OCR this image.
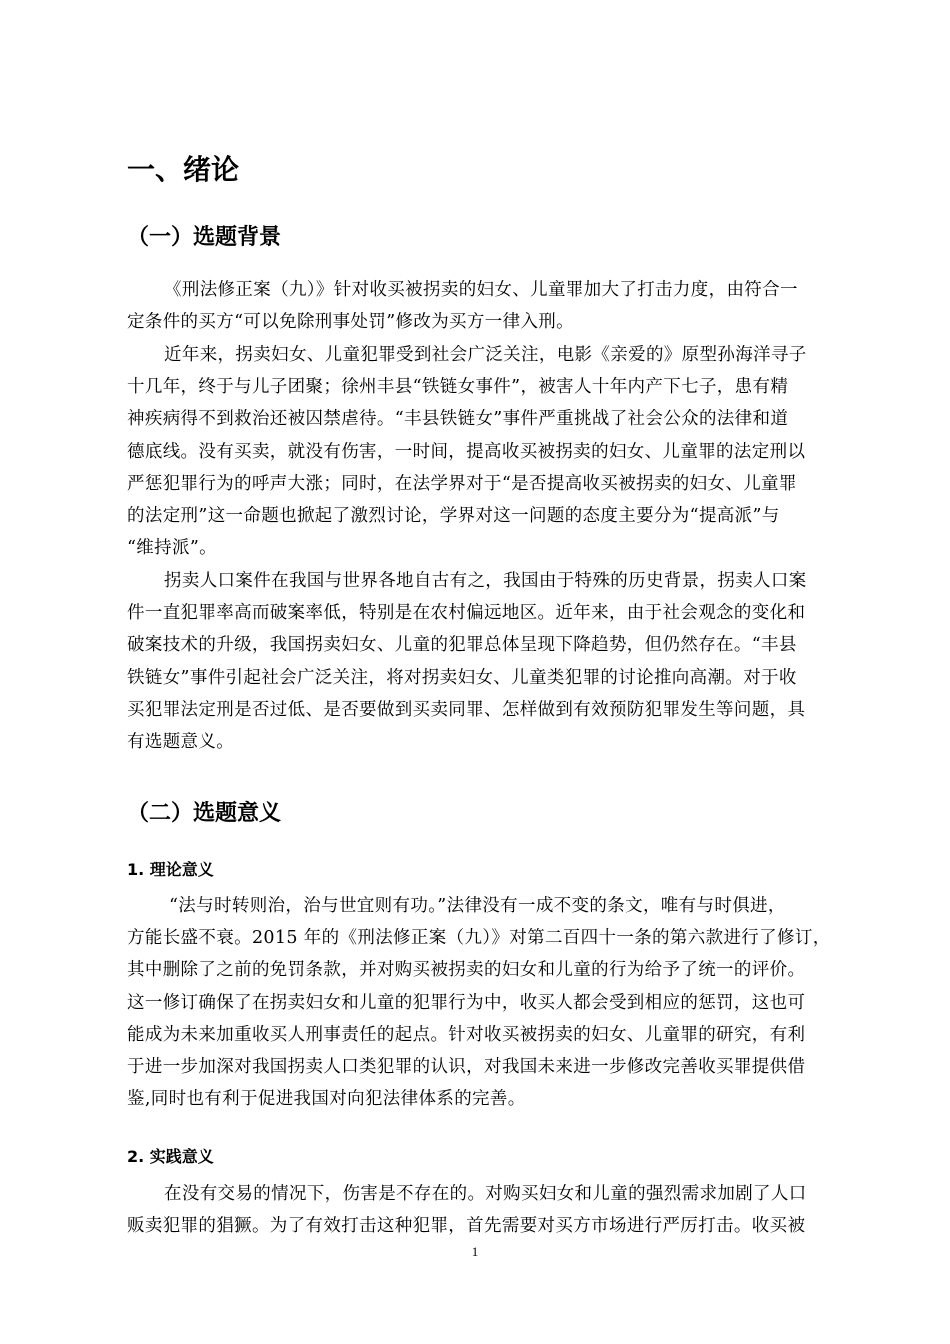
一、绪论
（一）选题背景
《刑法修正案（九）》针对收买被拐卖的妇女、儿童罪加大了打击力度，由符合一
定条件的买方“可以免除刑事处罚”修改为买方一律入刑。
近年来，拐卖妇女、儿童犯罪受到社会广泛关注，电影《亲爱的》原型孙海洋寻子
十几年，终于与儿子团聚；徐州丰县“铁链女事件”，被害人十年内产下七子，患有精
神疾病得不到救治还被囚禁虐待。“丰县铁链女”事件严重挑战了社会公众的法律和道
德底线。没有买卖，就没有伤害，一时间，提高收买被拐卖的妇女、儿童罪的法定刑以
严惩犯罪行为的呼声大涨；同时，在法学界对于“是否提高收买被拐卖的妇女、儿童罪
的法定刑”这一命题也掀起了激烈讨论，学界对这一问题的态度主要分为“提高派”与
“维持派”。
拐卖人口案件在我国与世界各地自古有之，我国由于特殊的历史背景，拐卖人口案
件一直犯罪率高而破案率低，特别是在农村偏远地区。近年来，由于社会观念的变化和
破案技术的升级，我国拐卖妇女、儿童的犯罪总体呈现下降趋势，但仍然存在。“丰县
铁链女”事件引起社会广泛关注，将对拐卖妇女、儿童类犯罪的讨论推向高潮。对于收
买犯罪法定刑是否过低、是否要做到买卖同罪、怎样做到有效预防犯罪发生等问题，具
有选题意义。
（二）选题意义
1. 理论意义
“法与时转则治，治与世宜则有功。”法律没有一成不变的条文，唯有与时俱进，
方能长盛不衰。2015 年的《刑法修正案（九）》对第二百四十一条的第六款进行了修订，
其中删除了之前的免罚条款，并对购买被拐卖的妇女和儿童的行为给予了统一的评价。
这一修订确保了在拐卖妇女和儿童的犯罪行为中，收买人都会受到相应的惩罚，这也可
能成为未来加重收买人刑事责任的起点。针对收买被拐卖的妇女、儿童罪的研究，有利
于进一步加深对我国拐卖人口类犯罪的认识，对我国未来进一步修改完善收买罪提供借
鉴,同时也有利于促进我国对向犯法律体系的完善。
2. 实践意义
在没有交易的情况下，伤害是不存在的。对购买妇女和儿童的强烈需求加剧了人口
贩卖犯罪的猖獗。为了有效打击这种犯罪，首先需要对买方市场进行严厉打击。收买被
1
